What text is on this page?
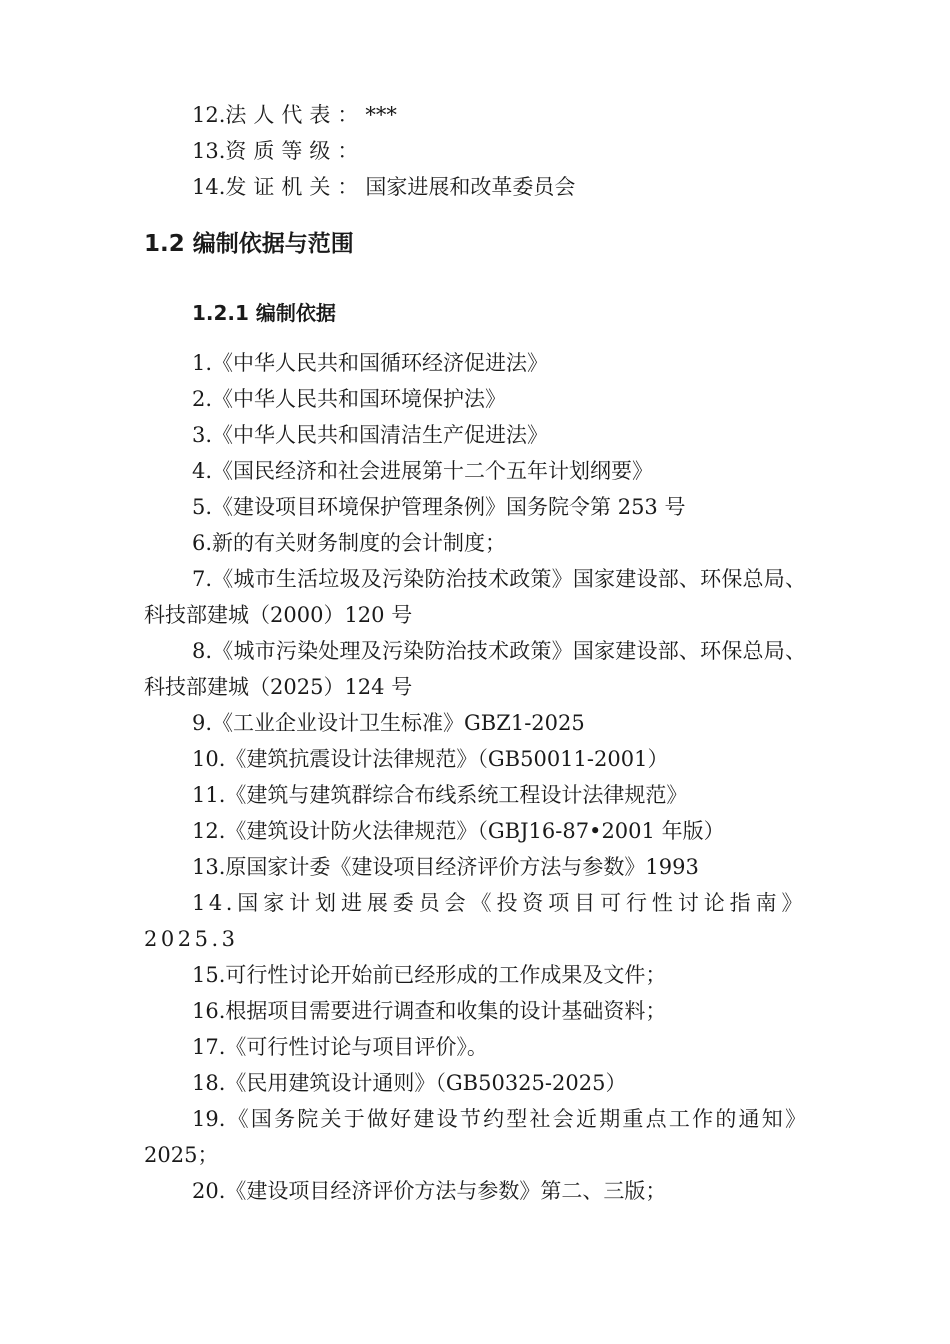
12.法人代表：***
13.资质等级：
14.发证机关：国家进展和改革委员会
1.2 编制依据与范围
1.2.1 编制依据
1.《中华人民共和国循环经济促进法》
2.《中华人民共和国环境保护法》
3.《中华人民共和国清洁生产促进法》
4.《国民经济和社会进展第十二个五年计划纲要》
5.《建设项目环境保护管理条例》国务院令第 253 号
6.新的有关财务制度的会计制度；
7.《城市生活垃圾及污染防治技术政策》国家建设部、环保总局、科技部建城（2000）120 号
8.《城市污染处理及污染防治技术政策》国家建设部、环保总局、科技部建城（2025）124 号
9.《工业企业设计卫生标准》GBZ1-2025
10.《建筑抗震设计法律规范》（GB50011-2001）
11.《建筑与建筑群综合布线系统工程设计法律规范》
12.《建筑设计防火法律规范》（GBJ16-87•2001 年版）
13.原国家计委《建设项目经济评价方法与参数》1993
14.国家计划进展委员会《投资项目可行性讨论指南》2025.3
15.可行性讨论开始前已经形成的工作成果及文件；
16.根据项目需要进行调查和收集的设计基础资料；
17.《可行性讨论与项目评价》。
18.《民用建筑设计通则》（GB50325-2025）
19.《国务院关于做好建设节约型社会近期重点工作的通知》2025；
20.《建设项目经济评价方法与参数》第二、三版；
